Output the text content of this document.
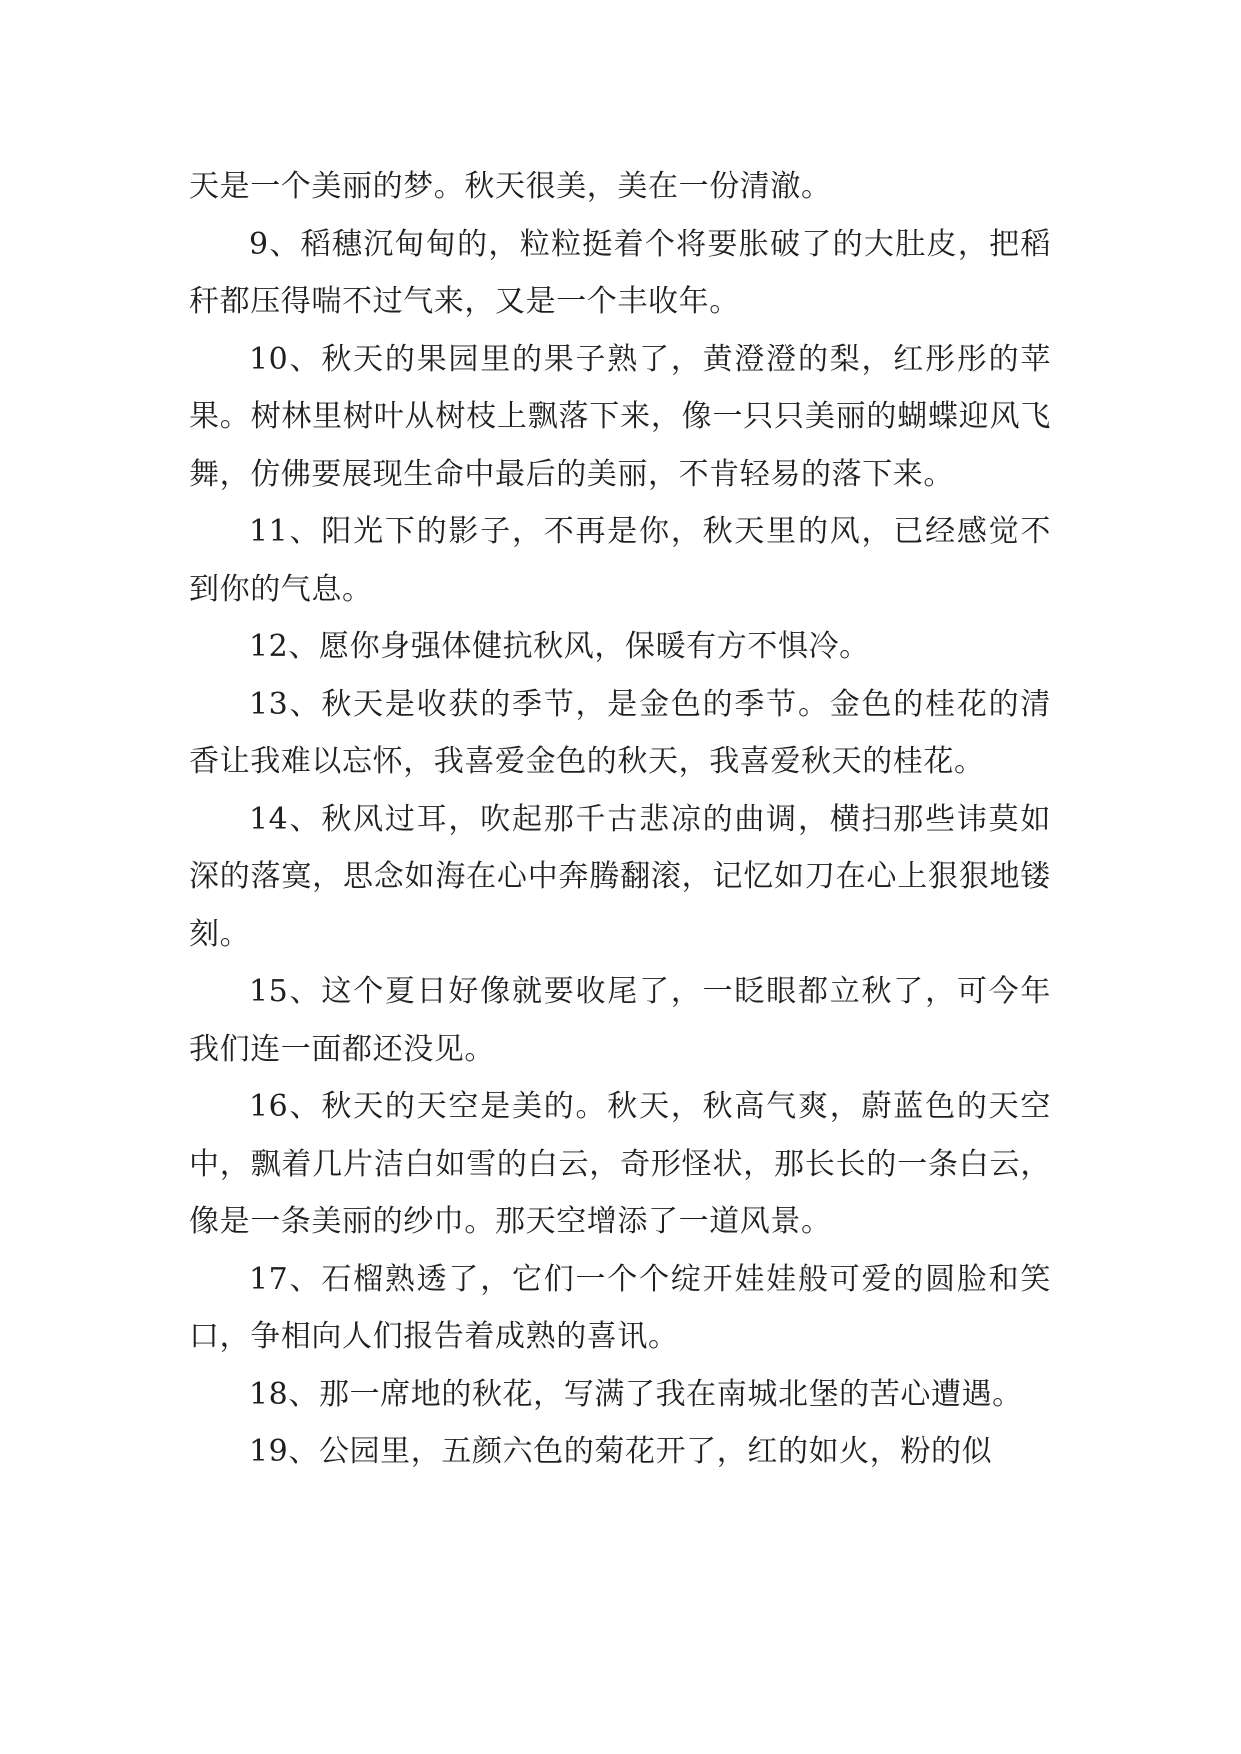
天是一个美丽的梦。秋天很美，美在一份清澈。

9、稻穗沉甸甸的，粒粒挺着个将要胀破了的大肚皮，把稻秆都压得喘不过气来，又是一个丰收年。

10、秋天的果园里的果子熟了，黄澄澄的梨，红彤彤的苹果。树林里树叶从树枝上飘落下来，像一只只美丽的蝴蝶迎风飞舞，仿佛要展现生命中最后的美丽，不肯轻易的落下来。

11、阳光下的影子，不再是你，秋天里的风，已经感觉不到你的气息。

12、愿你身强体健抗秋风，保暖有方不惧冷。

13、秋天是收获的季节，是金色的季节。金色的桂花的清香让我难以忘怀，我喜爱金色的秋天，我喜爱秋天的桂花。

14、秋风过耳，吹起那千古悲凉的曲调，横扫那些讳莫如深的落寞，思念如海在心中奔腾翻滚，记忆如刀在心上狠狠地镂刻。

15、这个夏日好像就要收尾了，一眨眼都立秋了，可今年我们连一面都还没见。

16、秋天的天空是美的。秋天，秋高气爽，蔚蓝色的天空中，飘着几片洁白如雪的白云，奇形怪状，那长长的一条白云，像是一条美丽的纱巾。那天空增添了一道风景。

17、石榴熟透了，它们一个个绽开娃娃般可爱的圆脸和笑口，争相向人们报告着成熟的喜讯。

18、那一席地的秋花，写满了我在南城北堡的苦心遭遇。

19、公园里，五颜六色的菊花开了，红的如火，粉的似
